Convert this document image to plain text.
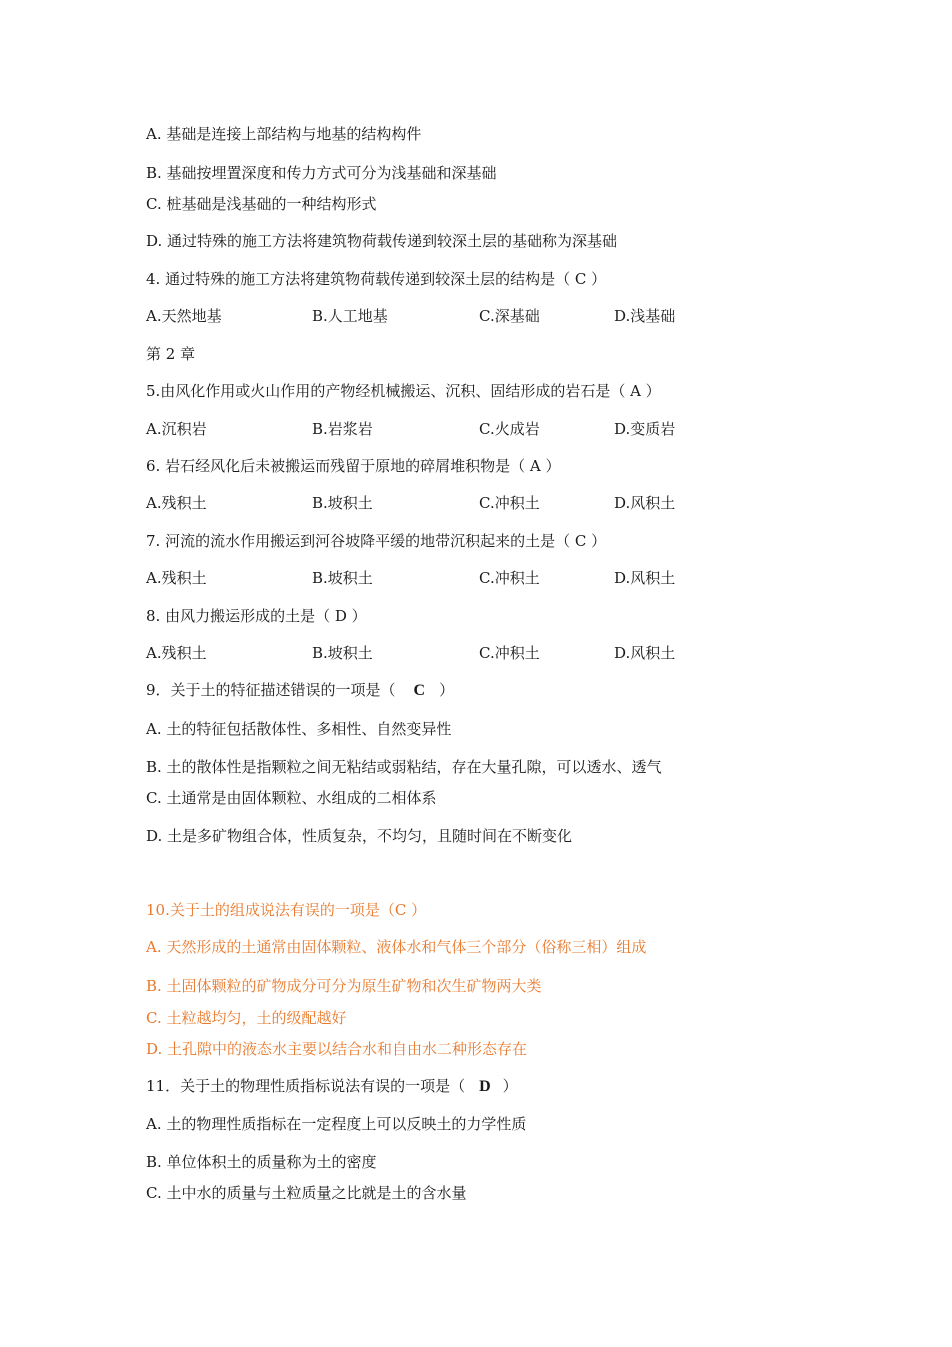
A. 基础是连接上部结构与地基的结构构件
B. 基础按埋置深度和传力方式可分为浅基础和深基础
C. 桩基础是浅基础的一种结构形式
D. 通过特殊的施工方法将建筑物荷载传递到较深土层的基础称为深基础
4. 通过特殊的施工方法将建筑物荷载传递到较深土层的结构是（ C ）
A.天然地基	B.人工地基	C.深基础	D.浅基础
第 2 章
5.由风化作用或火山作用的产物经机械搬运、沉积、固结形成的岩石是（ A ）
A.沉积岩	B.岩浆岩	C.火成岩	D.变质岩
6. 岩石经风化后未被搬运而残留于原地的碎屑堆积物是（ A ）
A.残积土	B.坡积土	C.冲积土	D.风积土
7. 河流的流水作用搬运到河谷坡降平缓的地带沉积起来的土是（ C ）
A.残积土	B.坡积土	C.冲积土	D.风积土
8. 由风力搬运形成的土是（ D ）
A.残积土	B.坡积土	C.冲积土	D.风积土
9．关于土的特征描述错误的一项是（ C ）
A. 土的特征包括散体性、多相性、自然变异性
B. 土的散体性是指颗粒之间无粘结或弱粘结，存在大量孔隙，可以透水、透气
C. 土通常是由固体颗粒、水组成的二相体系
D. 土是多矿物组合体，性质复杂，不均匀，且随时间在不断变化
10.关于土的组成说法有误的一项是（C ）
A. 天然形成的土通常由固体颗粒、液体水和气体三个部分（俗称三相）组成
B. 土固体颗粒的矿物成分可分为原生矿物和次生矿物两大类
C. 土粒越均匀，土的级配越好
D. 土孔隙中的液态水主要以结合水和自由水二种形态存在
11．关于土的物理性质指标说法有误的一项是（ D ）
A. 土的物理性质指标在一定程度上可以反映土的力学性质
B. 单位体积土的质量称为土的密度
C. 土中水的质量与土粒质量之比就是土的含水量
